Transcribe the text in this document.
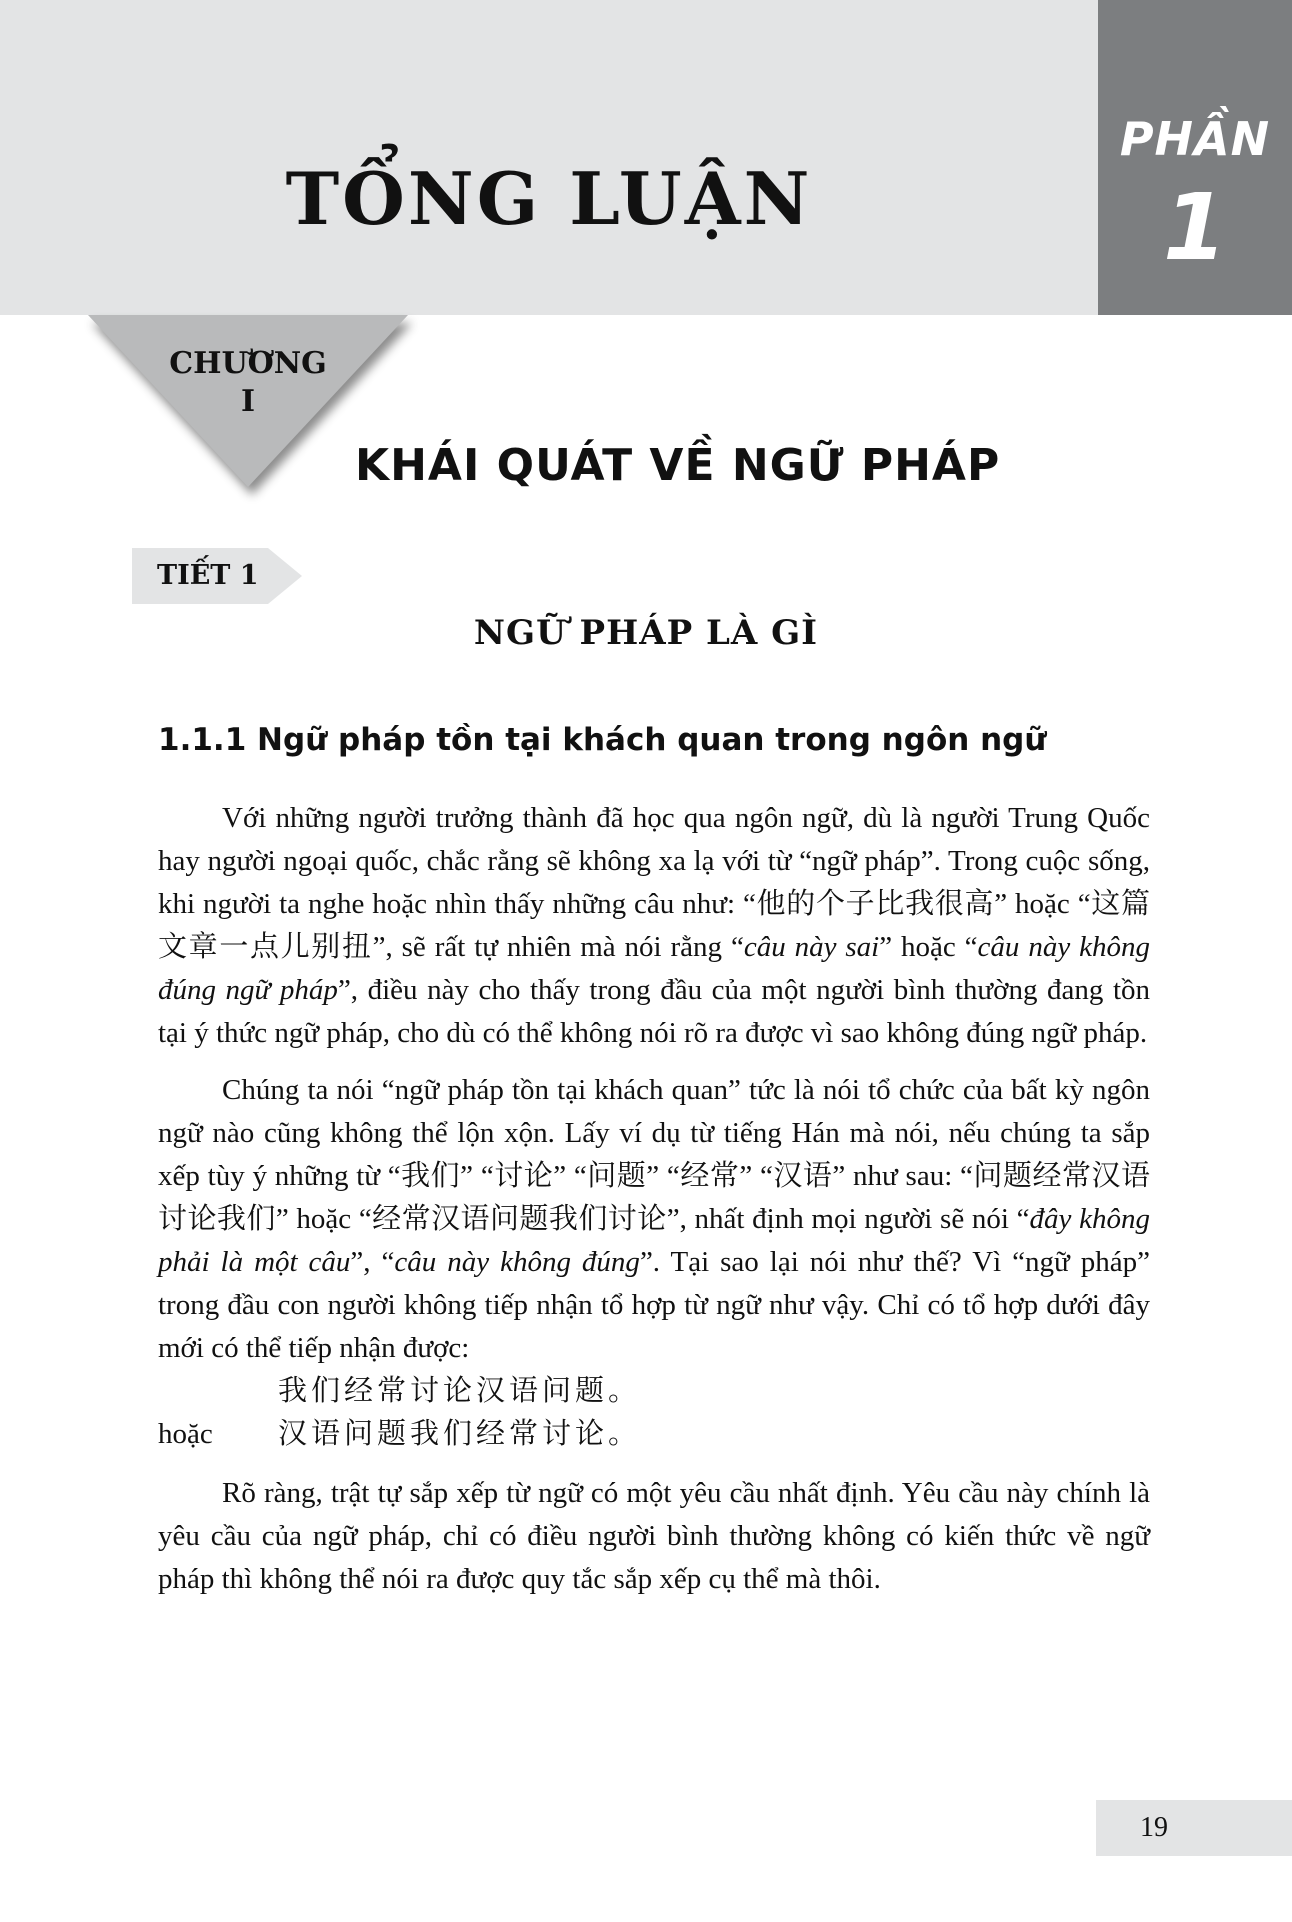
TỔNG LUẬN
PHẦN
1
CHƯƠNG
I
KHÁI QUÁT VỀ NGỮ PHÁP
TIẾT 1
NGỮ PHÁP LÀ GÌ
1.1.1 Ngữ pháp tồn tại khách quan trong ngôn ngữ

Với những người trưởng thành đã học qua ngôn ngữ, dù là người Trung Quốc hay người ngoại quốc, chắc rằng sẽ không xa lạ với từ “ngữ pháp”. Trong cuộc sống, khi người ta nghe hoặc nhìn thấy những câu như: “他的个子比我很高” hoặc “这篇文章一点儿别扭”, sẽ rất tự nhiên mà nói rằng “câu này sai” hoặc “câu này không đúng ngữ pháp”, điều này cho thấy trong đầu của một người bình thường đang tồn tại ý thức ngữ pháp, cho dù có thể không nói rõ ra được vì sao không đúng ngữ pháp.

Chúng ta nói “ngữ pháp tồn tại khách quan” tức là nói tổ chức của bất kỳ ngôn ngữ nào cũng không thể lộn xộn. Lấy ví dụ từ tiếng Hán mà nói, nếu chúng ta sắp xếp tùy ý những từ “我们” “讨论” “问题” “经常” “汉语” như sau: “问题经常汉语讨论我们” hoặc “经常汉语问题我们讨论”, nhất định mọi người sẽ nói “đây không phải là một câu”, “câu này không đúng”. Tại sao lại nói như thế? Vì “ngữ pháp” trong đầu con người không tiếp nhận tổ hợp từ ngữ như vậy. Chỉ có tổ hợp dưới đây mới có thể tiếp nhận được:

我们经常讨论汉语问题。
hoặc	汉语问题我们经常讨论。

Rõ ràng, trật tự sắp xếp từ ngữ có một yêu cầu nhất định. Yêu cầu này chính là yêu cầu của ngữ pháp, chỉ có điều người bình thường không có kiến thức về ngữ pháp thì không thể nói ra được quy tắc sắp xếp cụ thể mà thôi.

19
